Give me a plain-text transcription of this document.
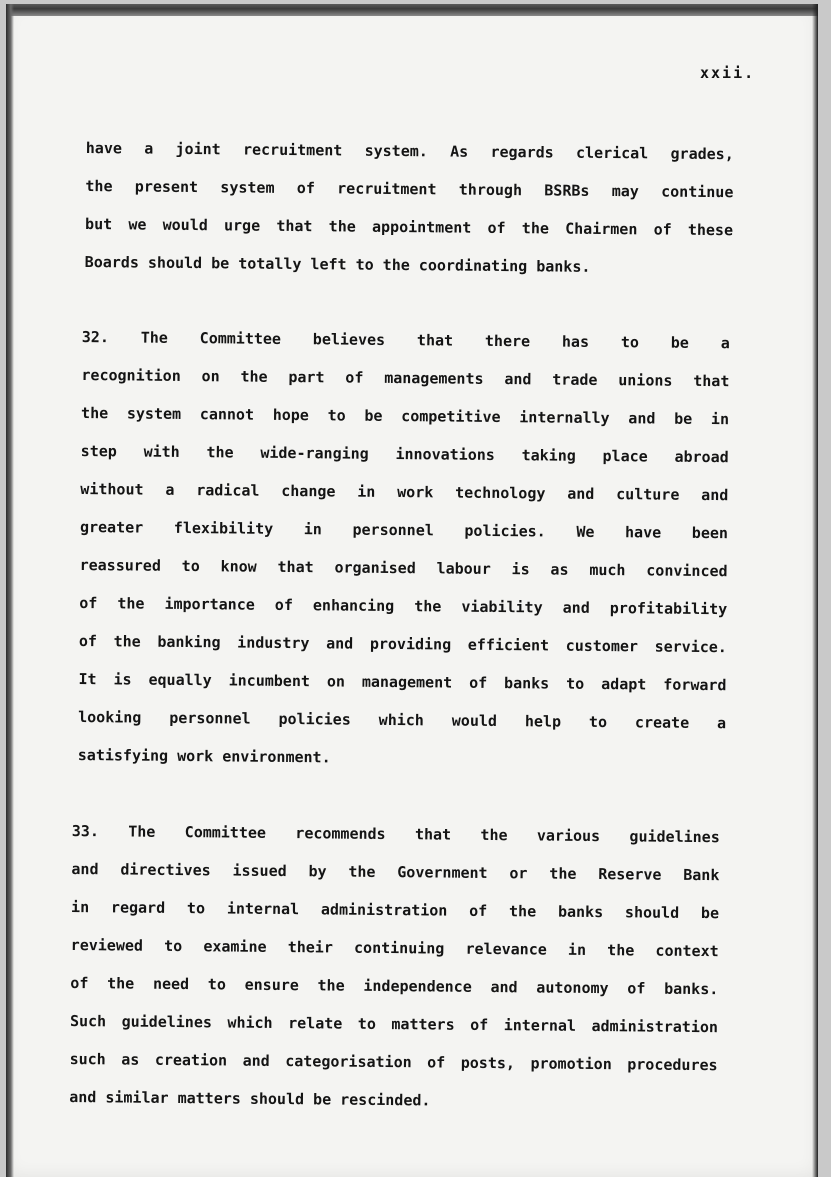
xxii.
have a joint recruitment system. As regards clerical grades,
the present system of recruitment through BSRBs may continue
but we would urge that the appointment of the Chairmen of these
Boards should be totally left to the coordinating banks.
32. The Committee believes that there has to be a
recognition on the part of managements and trade unions that
the system cannot hope to be competitive internally and be in
step with the wide-ranging innovations taking place abroad
without a radical change in work technology and culture and
greater flexibility in personnel policies. We have been
reassured to know that organised labour is as much convinced
of the importance of enhancing the viability and profitability
of the banking industry and providing efficient customer service.
It is equally incumbent on management of banks to adapt forward
looking personnel policies which would help to create a
satisfying work environment.
33. The Committee recommends that the various guidelines
and directives issued by the Government or the Reserve Bank
in regard to internal administration of the banks should be
reviewed to examine their continuing relevance in the context
of the need to ensure the independence and autonomy of banks.
Such guidelines which relate to matters of internal administration
such as creation and categorisation of posts, promotion procedures
and similar matters should be rescinded.
